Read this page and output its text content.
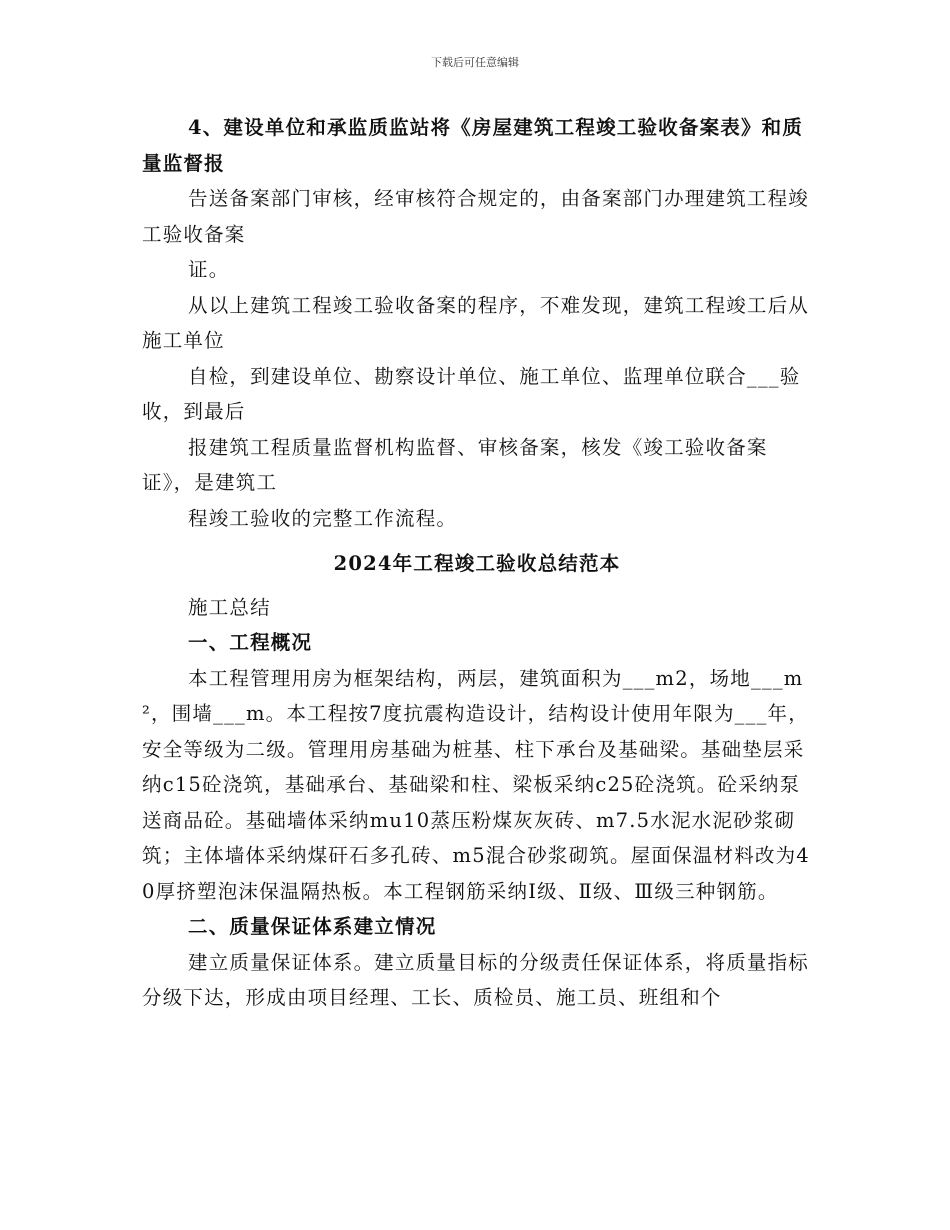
下载后可任意编辑

4、建设单位和承监质监站将《房屋建筑工程竣工验收备案表》和质量监督报

告送备案部门审核，经审核符合规定的，由备案部门办理建筑工程竣工验收备案

证。

从以上建筑工程竣工验收备案的程序，不难发现，建筑工程竣工后从施工单位

自检，到建设单位、勘察设计单位、施工单位、监理单位联合___验收，到最后

报建筑工程质量监督机构监督、审核备案，核发《竣工验收备案证》，是建筑工

程竣工验收的完整工作流程。

2024年工程竣工验收总结范本

施工总结

一、工程概况

本工程管理用房为框架结构，两层，建筑面积为___m2，场地___m²，围墙___m。本工程按7度抗震构造设计，结构设计使用年限为___年，安全等级为二级。管理用房基础为桩基、柱下承台及基础梁。基础垫层采纳c15砼浇筑，基础承台、基础梁和柱、梁板采纳c25砼浇筑。砼采纳泵送商品砼。基础墙体采纳mu10蒸压粉煤灰灰砖、m7.5水泥水泥砂浆砌筑；主体墙体采纳煤矸石多孔砖、m5混合砂浆砌筑。屋面保温材料改为40厚挤塑泡沫保温隔热板。本工程钢筋采纳Ⅰ级、Ⅱ级、Ⅲ级三种钢筋。

二、质量保证体系建立情况

建立质量保证体系。建立质量目标的分级责任保证体系，将质量指标分级下达，形成由项目经理、工长、质检员、施工员、班组和个
